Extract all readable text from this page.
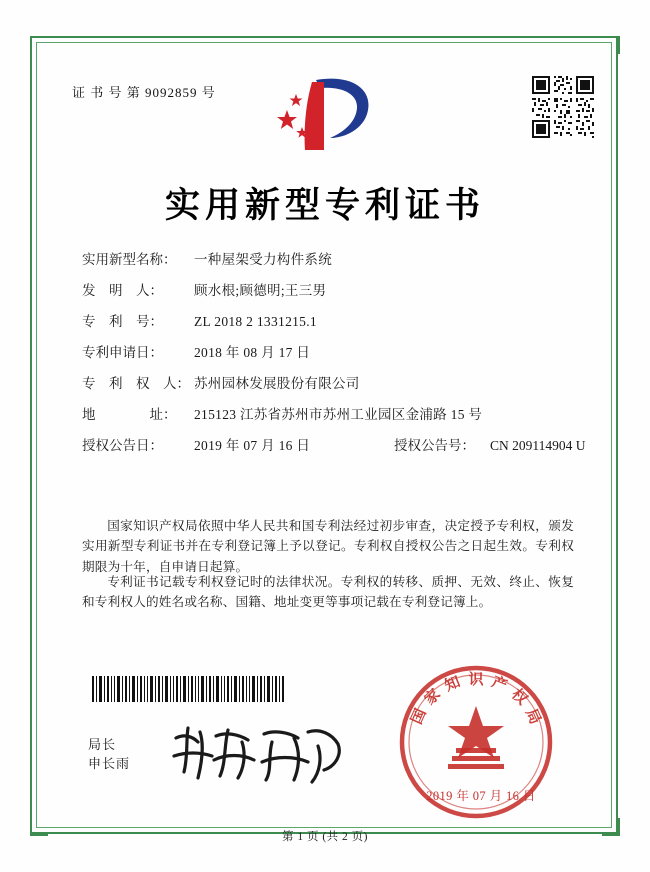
证 书 号 第 9092859 号
实用新型专利证书
实用新型名称：	一种屋架受力构件系统
发　明　人：	顾水根;顾德明;王三男
专　利　号：	ZL 2018 2 1331215.1
专利申请日：	2018 年 08 月 17 日
专　利　权　人： 苏州园林发展股份有限公司
地　　　　址：	215123 江苏省苏州市苏州工业园区金浦路 15 号
授权公告日：	2019 年 07 月 16 日	授权公告号：	CN 209114904 U
国家知识产权局依照中华人民共和国专利法经过初步审查，决定授予专利权，颁发实用新型专利证书并在专利登记簿上予以登记。专利权自授权公告之日起生效。专利权期限为十年，自申请日起算。
专利证书记载专利权登记时的法律状况。专利权的转移、质押、无效、终止、恢复和专利权人的姓名或名称、国籍、地址变更等事项记载在专利登记簿上。
局长
申长雨
国
家
知 识 产
权
局
2019 年 07 月 16 日
第 1 页 (共 2 页)
